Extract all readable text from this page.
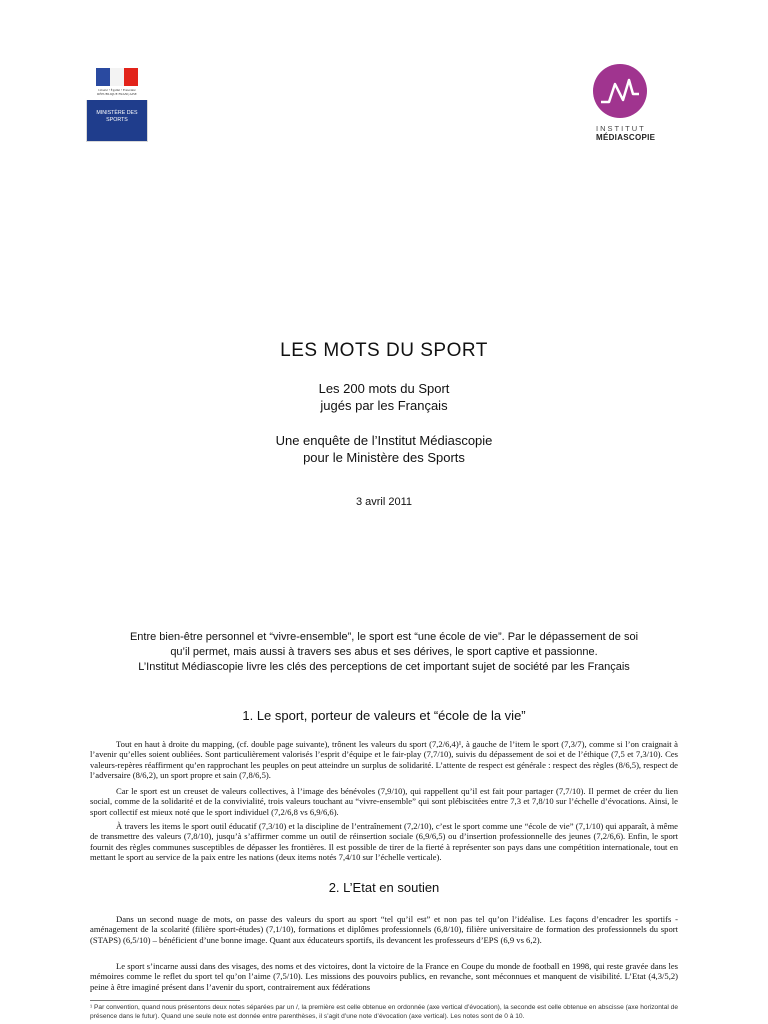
Liberté • Égalité • Fraternité RÉPUBLIQUE FRANÇAISE
MINISTÈRE DES SPORTS
INSTITUT
MÉDIASCOPIE
LES MOTS DU SPORT
Les 200 mots du Sport
jugés par les Français
Une enquête de l’Institut Médiascopie
pour le Ministère des Sports
3 avril 2011
Entre bien-être personnel et “vivre-ensemble”, le sport est “une école de vie”. Par le dépassement de soi
qu’il permet, mais aussi à travers ses abus et ses dérives, le sport captive et passionne.
L’Institut Médiascopie livre les clés des perceptions de cet important sujet de société par les Français
1. Le sport, porteur de valeurs et “école de la vie”

Tout en haut à droite du mapping, (cf. double page suivante), trônent les valeurs du sport (7,2/6,4)¹, à gauche de l’item le sport (7,3/7), comme si l’on craignait à l’avenir qu’elles soient oubliées. Sont particulièrement valorisés l’esprit d’équipe et le fair-play (7,7/10), suivis du dépassement de soi et de l’éthique (7,5 et 7,3/10). Ces valeurs-repères réaffirment qu’en rapprochant les peuples on peut atteindre un surplus de solidarité. L’attente de respect est générale : respect des règles (8/6,5), respect de l’adversaire (8/6,2), un sport propre et sain (7,8/6,5).

Car le sport est un creuset de valeurs collectives, à l’image des bénévoles (7,9/10), qui rappellent qu’il est fait pour partager (7,7/10). Il permet de créer du lien social, comme de la solidarité et de la convivialité, trois valeurs touchant au “vivre-ensemble” qui sont plébiscitées entre 7,3 et 7,8/10 sur l’échelle d’évocations. Ainsi, le sport collectif est mieux noté que le sport individuel (7,2/6,8 vs 6,9/6,6).

À travers les items le sport outil éducatif (7,3/10) et la discipline de l’entraînement (7,2/10), c’est le sport comme une “école de vie” (7,1/10) qui apparaît, à même de transmettre des valeurs (7,8/10), jusqu’à s’affirmer comme un outil de réinsertion sociale (6,9/6,5) ou d’insertion professionnelle des jeunes (7,2/6,6). Enfin, le sport fournit des règles communes susceptibles de dépasser les frontières. Il est possible de tirer de la fierté à représenter son pays dans une compétition internationale, tout en mettant le sport au service de la paix entre les nations (deux items notés 7,4/10 sur l’échelle verticale).

2. L’Etat en soutien

Dans un second nuage de mots, on passe des valeurs du sport au sport “tel qu’il est” et non pas tel qu’on l’idéalise. Les façons d’encadrer les sportifs - aménagement de la scolarité (filière sport-études) (7,1/10), formations et diplômes professionnels (6,8/10), filière universitaire de formation des professionnels du sport (STAPS) (6,5/10) – bénéficient d’une bonne image. Quant aux éducateurs sportifs, ils devancent les professeurs d’EPS (6,9 vs 6,2).

Le sport s’incarne aussi dans des visages, des noms et des victoires, dont la victoire de la France en Coupe du monde de football en 1998, qui reste gravée dans les mémoires comme le reflet du sport tel qu’on l’aime (7,5/10). Les missions des pouvoirs publics, en revanche, sont méconnues et manquent de visibilité. L’Etat (4,3/5,2) peine à être imaginé présent dans l’avenir du sport, contrairement aux fédérations

¹ Par convention, quand nous présentons deux notes séparées par un /, la première est celle obtenue en ordonnée (axe vertical d’évocation), la seconde est celle obtenue en abscisse (axe horizontal de présence dans le futur). Quand une seule note est donnée entre parenthèses, il s’agit d’une note d’évocation (axe vertical). Les notes sont de 0 à 10.
